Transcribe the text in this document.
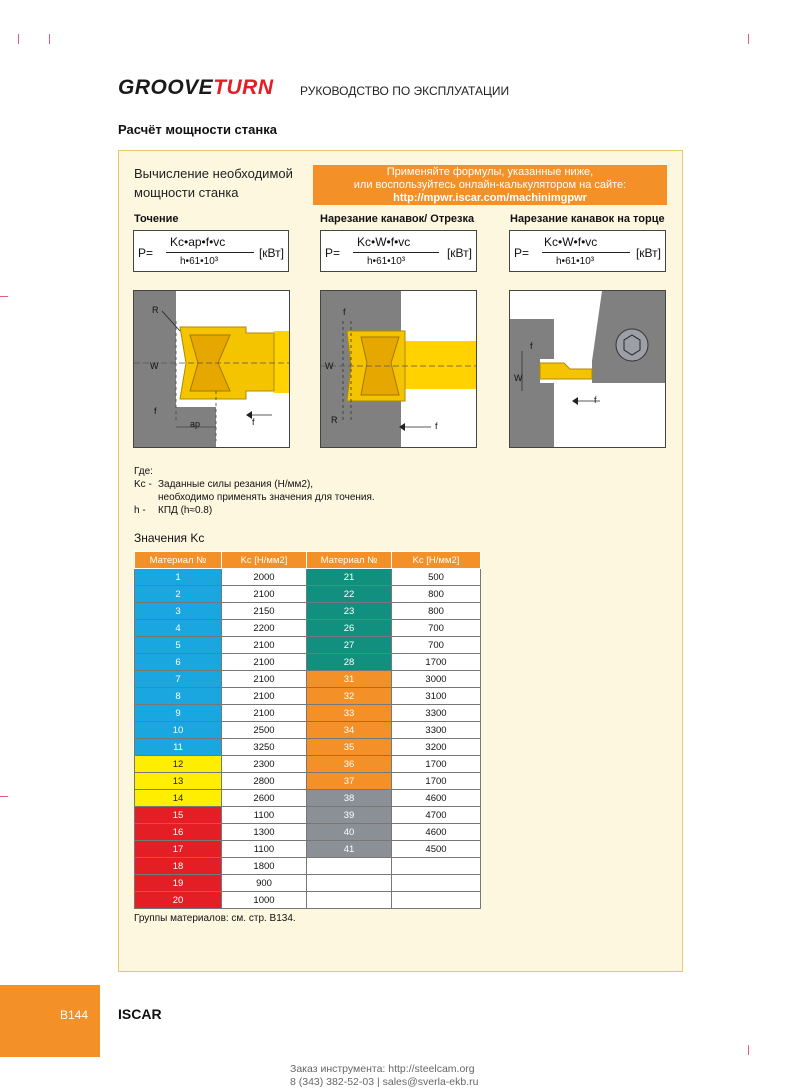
GROOVETURN РУКОВОДСТВО ПО ЭКСПЛУАТАЦИИ
Расчёт мощности станка
Вычисление необходимой
мощности станка
Применяйте формулы, указанные ниже,
или воспользуйтесь онлайн-калькулятором на сайте:
http://mpwr.iscar.com/machinimgpwr
Точение	Нарезание канавок/ Отрезка	Нарезание канавок на торце
P=
Kc•ap•f•vc
h•61•10³
[кВт]	P=
Kc•W•f•vc
h•61•10³
[кВт]	P=
Kc•W•f•vc
h•61•10³
[кВт]
R
W
f
ap	f
W
f
R
f
W
f
f
Где:
Kc - Заданные силы резания (Н/мм2),
необходимо применять значения для точения.
h -	КПД (h≈0.8)
Значения Kc
Материал №	Kc [Н/мм2]	Материал №	Kc [Н/мм2]
1	2000	21	500
2	2100	22	800
3	2150	23	800
4	2200	26	700
5	2100	27	700
6	2100	28	1700
7	2100	31	3000
8	2100	32	3100
9	2100	33	3300
10	2500	34	3300
11	3250	35	3200
12	2300	36	1700
13	2800	37	1700
14	2600	38	4600
15	1100	39	4700
16	1300	40	4600
17	1100	41	4500
18	1800		
19	900		
20	1000		
Группы материалов: см. стр. B134.
B144 ISCAR
Заказ инструмента: http://steelcam.org
8 (343) 382-52-03 | sales@sverla-ekb.ru
